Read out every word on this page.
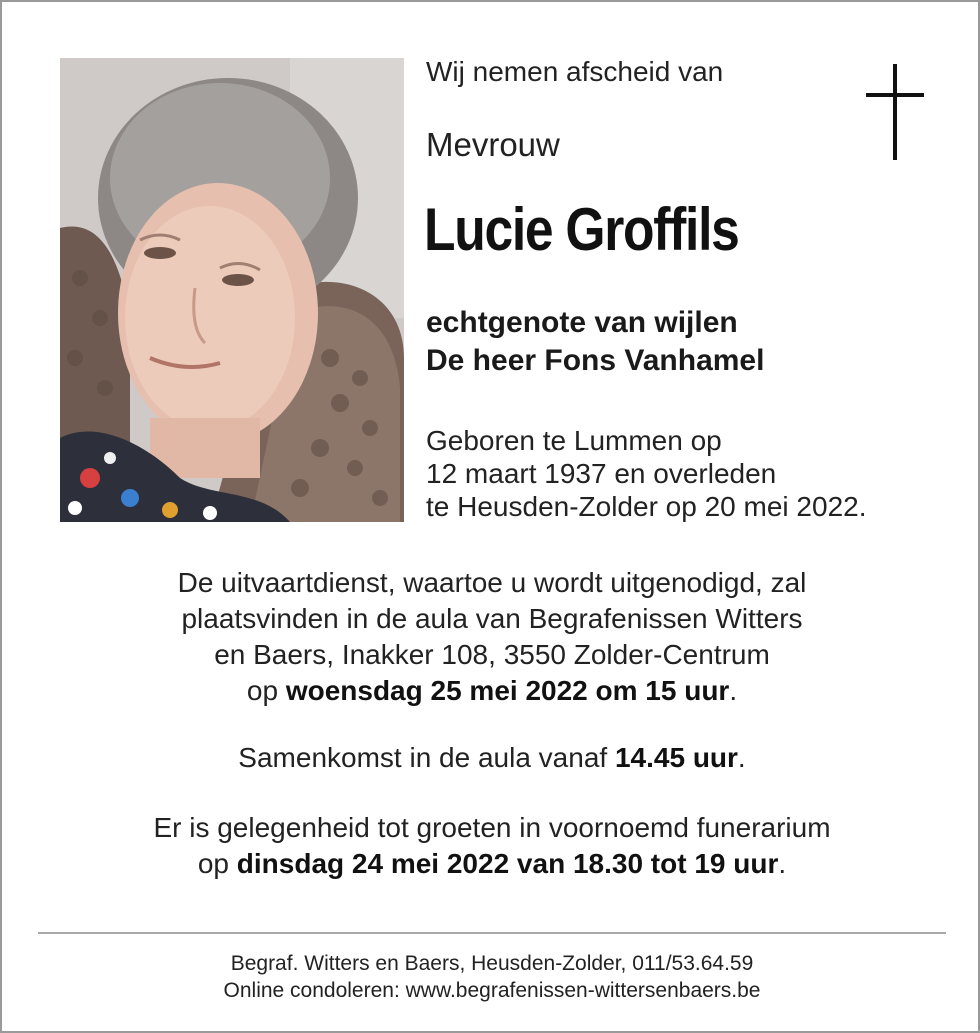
Wij nemen afscheid van
Mevrouw
Lucie Groffils
echtgenote van wijlen
De heer Fons Vanhamel
Geboren te Lummen op
12 maart 1937 en overleden
te Heusden-Zolder op 20 mei 2022.
De uitvaartdienst, waartoe u wordt uitgenodigd, zal
plaatsvinden in de aula van Begrafenissen Witters
en Baers, Inakker 108, 3550 Zolder-Centrum
op woensdag 25 mei 2022 om 15 uur.
Samenkomst in de aula vanaf 14.45 uur.
Er is gelegenheid tot groeten in voornoemd funerarium
op dinsdag 24 mei 2022 van 18.30 tot 19 uur.
Begraf. Witters en Baers, Heusden-Zolder, 011/53.64.59
Online condoleren: www.begrafenissen-wittersenbaers.be
